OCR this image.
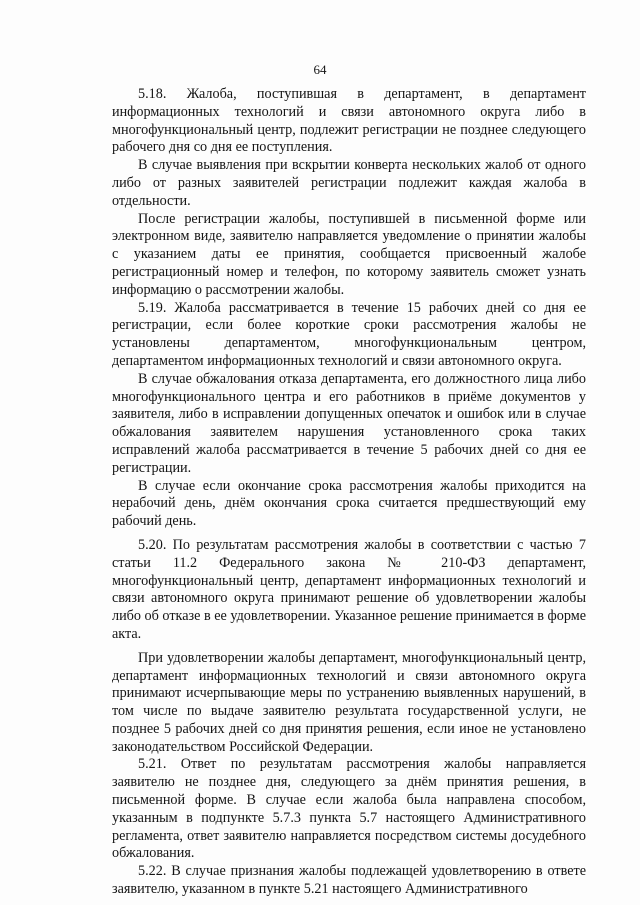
64

5.18. Жалоба, поступившая в департамент, в департамент информационных технологий и связи автономного округа либо в многофункциональный центр, подлежит регистрации не позднее следующего рабочего дня со дня ее поступления.

В случае выявления при вскрытии конверта нескольких жалоб от одного либо от разных заявителей регистрации подлежит каждая жалоба в отдельности.

После регистрации жалобы, поступившей в письменной форме или электронном виде, заявителю направляется уведомление о принятии жалобы с указанием даты ее принятия, сообщается присвоенный жалобе регистрационный номер и телефон, по которому заявитель сможет узнать информацию о рассмотрении жалобы.

5.19. Жалоба рассматривается в течение 15 рабочих дней со дня ее регистрации, если более короткие сроки рассмотрения жалобы не установлены департаментом, многофункциональным центром, департаментом информационных технологий и связи автономного округа.

В случае обжалования отказа департамента, его должностного лица либо многофункционального центра и его работников в приёме документов у заявителя, либо в исправлении допущенных опечаток и ошибок или в случае обжалования заявителем нарушения установленного срока таких исправлений жалоба рассматривается в течение 5 рабочих дней со дня ее регистрации.

В случае если окончание срока рассмотрения жалобы приходится на нерабочий день, днём окончания срока считается предшествующий ему рабочий день.

5.20. По результатам рассмотрения жалобы в соответствии с частью 7 статьи 11.2 Федерального закона № 210-ФЗ департамент, многофункциональный центр, департамент информационных технологий и связи автономного округа принимают решение об удовлетворении жалобы либо об отказе в ее удовлетворении. Указанное решение принимается в форме акта.

При удовлетворении жалобы департамент, многофункциональный центр, департамент информационных технологий и связи автономного округа принимают исчерпывающие меры по устранению выявленных нарушений, в том числе по выдаче заявителю результата государственной услуги, не позднее 5 рабочих дней со дня принятия решения, если иное не установлено законодательством Российской Федерации.

5.21. Ответ по результатам рассмотрения жалобы направляется заявителю не позднее дня, следующего за днём принятия решения, в письменной форме. В случае если жалоба была направлена способом, указанным в подпункте 5.7.3 пункта 5.7 настоящего Административного регламента, ответ заявителю направляется посредством системы досудебного обжалования.

5.22. В случае признания жалобы подлежащей удовлетворению в ответе заявителю, указанном в пункте 5.21 настоящего Административного
